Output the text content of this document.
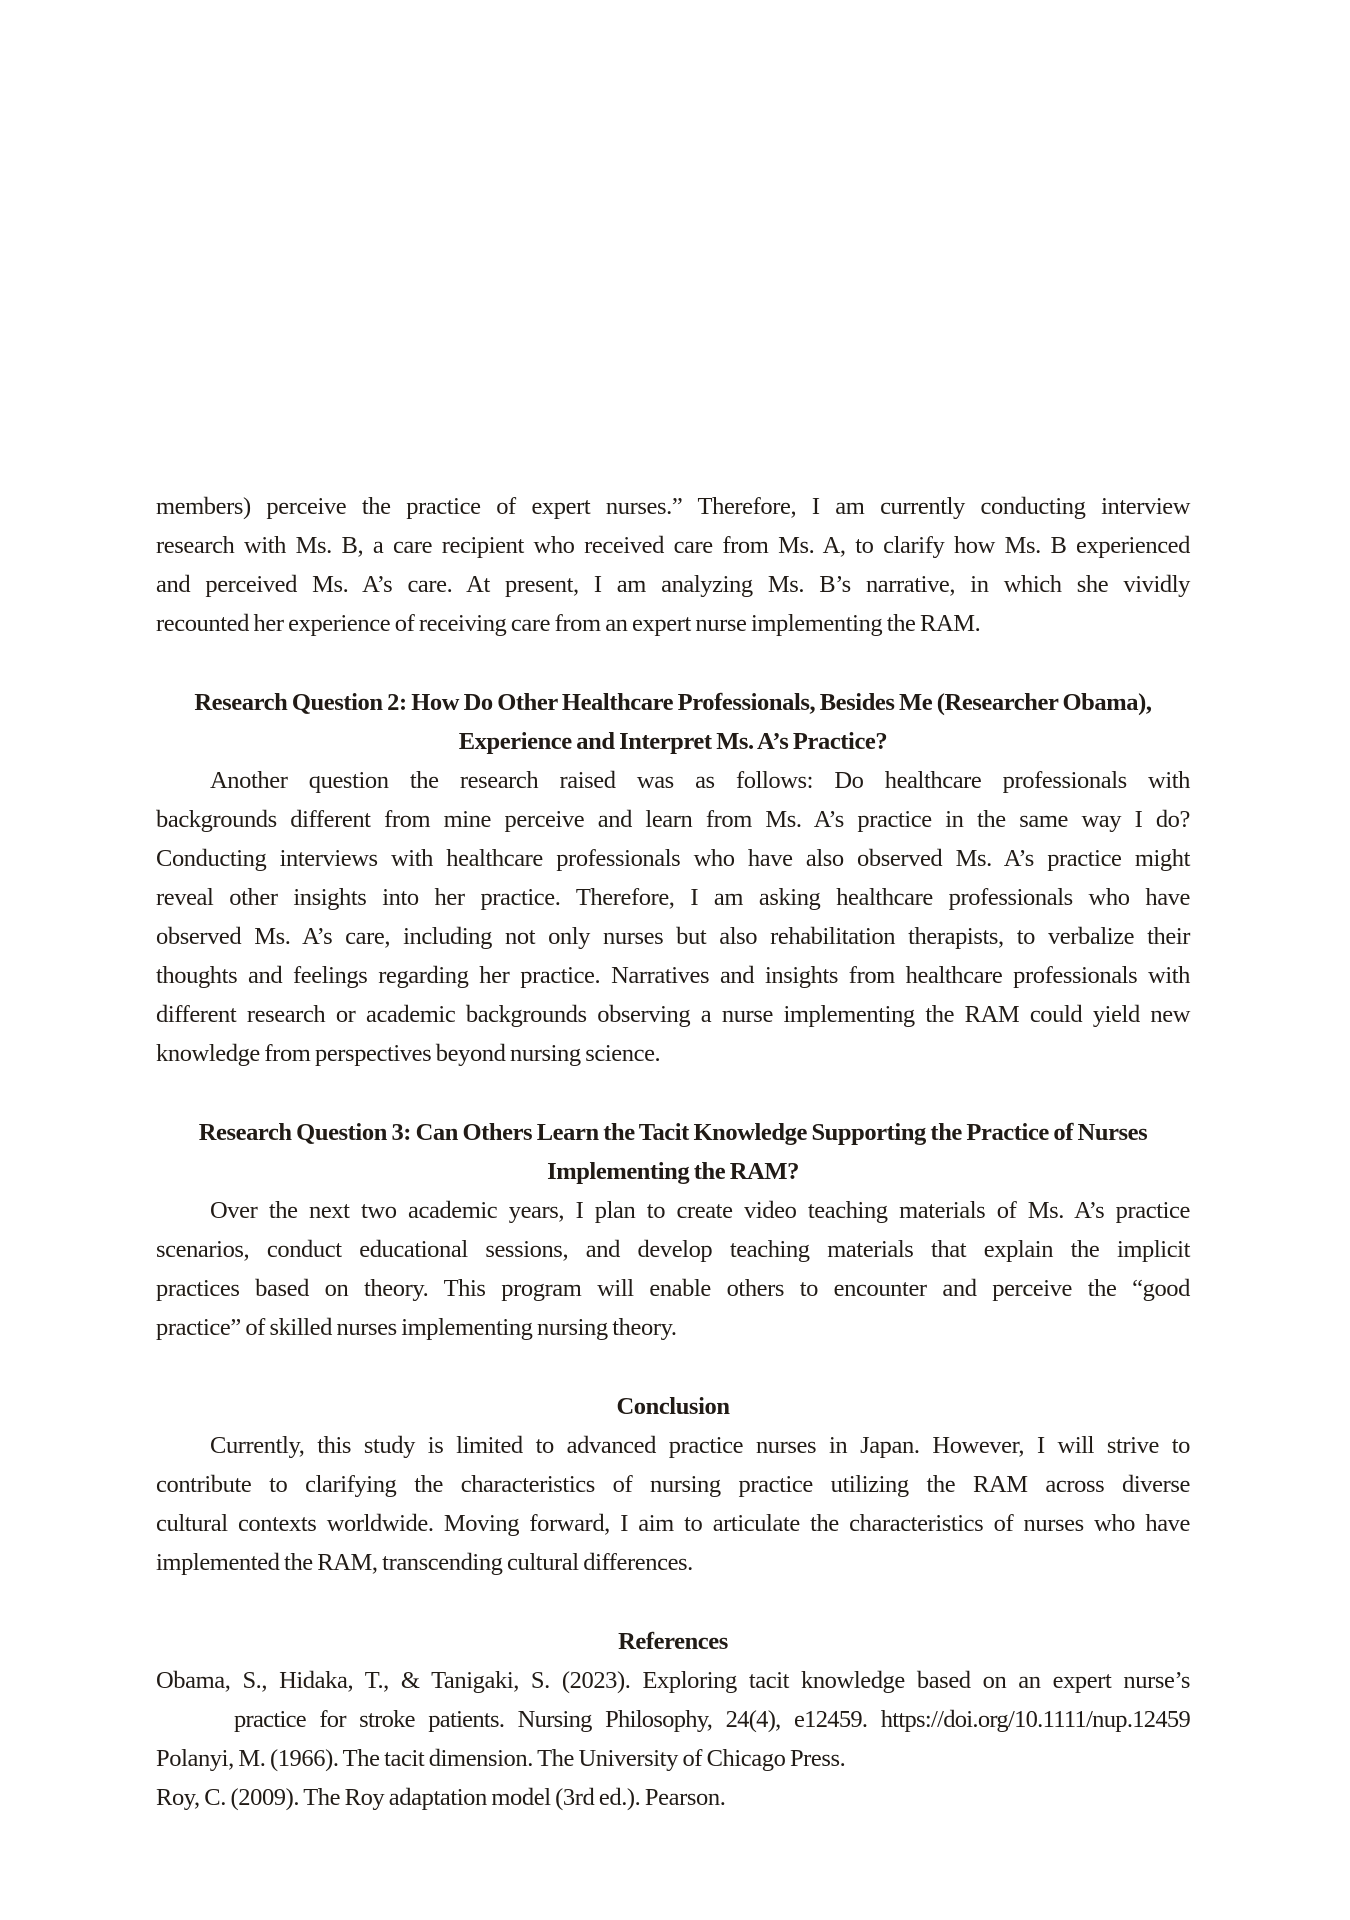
members) perceive the practice of expert nurses.” Therefore, I am currently conducting interview
research with Ms. B, a care recipient who received care from Ms. A, to clarify how Ms. B experienced
and perceived Ms. A’s care. At present, I am analyzing Ms. B’s narrative, in which she vividly
recounted her experience of receiving care from an expert nurse implementing the RAM.

Research Question 2: How Do Other Healthcare Professionals, Besides Me (Researcher Obama),
Experience and Interpret Ms. A’s Practice?

Another question the research raised was as follows: Do healthcare professionals with
backgrounds different from mine perceive and learn from Ms. A’s practice in the same way I do?
Conducting interviews with healthcare professionals who have also observed Ms. A’s practice might
reveal other insights into her practice. Therefore, I am asking healthcare professionals who have
observed Ms. A’s care, including not only nurses but also rehabilitation therapists, to verbalize their
thoughts and feelings regarding her practice. Narratives and insights from healthcare professionals with
different research or academic backgrounds observing a nurse implementing the RAM could yield new
knowledge from perspectives beyond nursing science.

Research Question 3: Can Others Learn the Tacit Knowledge Supporting the Practice of Nurses
Implementing the RAM?

Over the next two academic years, I plan to create video teaching materials of Ms. A’s practice
scenarios, conduct educational sessions, and develop teaching materials that explain the implicit
practices based on theory. This program will enable others to encounter and perceive the “good
practice” of skilled nurses implementing nursing theory.

Conclusion

Currently, this study is limited to advanced practice nurses in Japan. However, I will strive to
contribute to clarifying the characteristics of nursing practice utilizing the RAM across diverse
cultural contexts worldwide. Moving forward, I aim to articulate the characteristics of nurses who have
implemented the RAM, transcending cultural differences.

References
Obama, S., Hidaka, T., & Tanigaki, S. (2023). Exploring tacit knowledge based on an expert nurse’s
practice for stroke patients. Nursing Philosophy, 24(4), e12459. https://doi.org/10.1111/nup.12459
Polanyi, M. (1966). The tacit dimension. The University of Chicago Press.
Roy, C. (2009). The Roy adaptation model (3rd ed.). Pearson.
